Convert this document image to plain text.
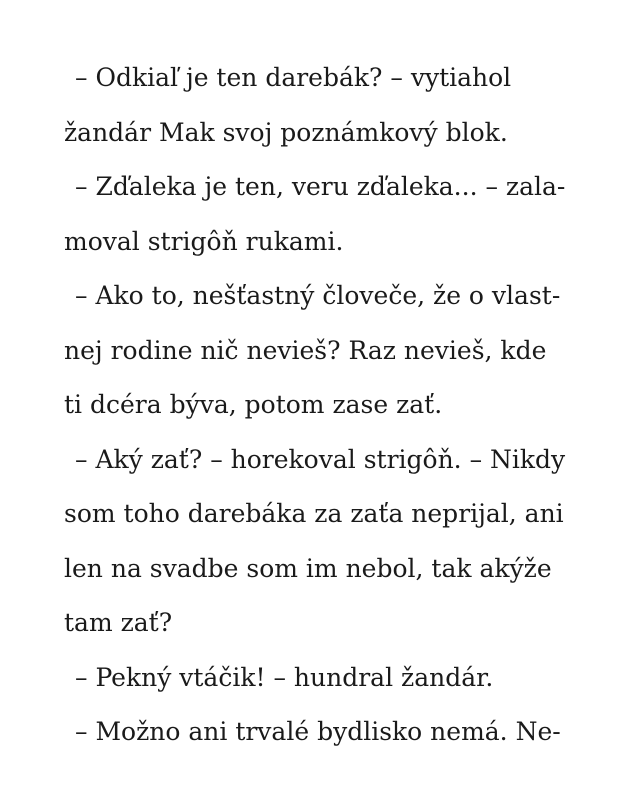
– Odkiaľ je ten darebák? – vytiahol
žandár Mak svoj poznámkový blok.
– Zďaleka je ten, veru zďaleka... – zala-
moval strigôň rukami.
– Ako to, nešťastný človeče, že o vlast-
nej rodine nič nevieš? Raz nevieš, kde
ti dcéra býva, potom zase zať.
– Aký zať? – horekoval strigôň. – Nikdy
som toho darebáka za zaťa neprijal, ani
len na svadbe som im nebol, tak akýže
tam zať?
– Pekný vtáčik! – hundral žandár.
– Možno ani trvalé bydlisko nemá. Ne-
